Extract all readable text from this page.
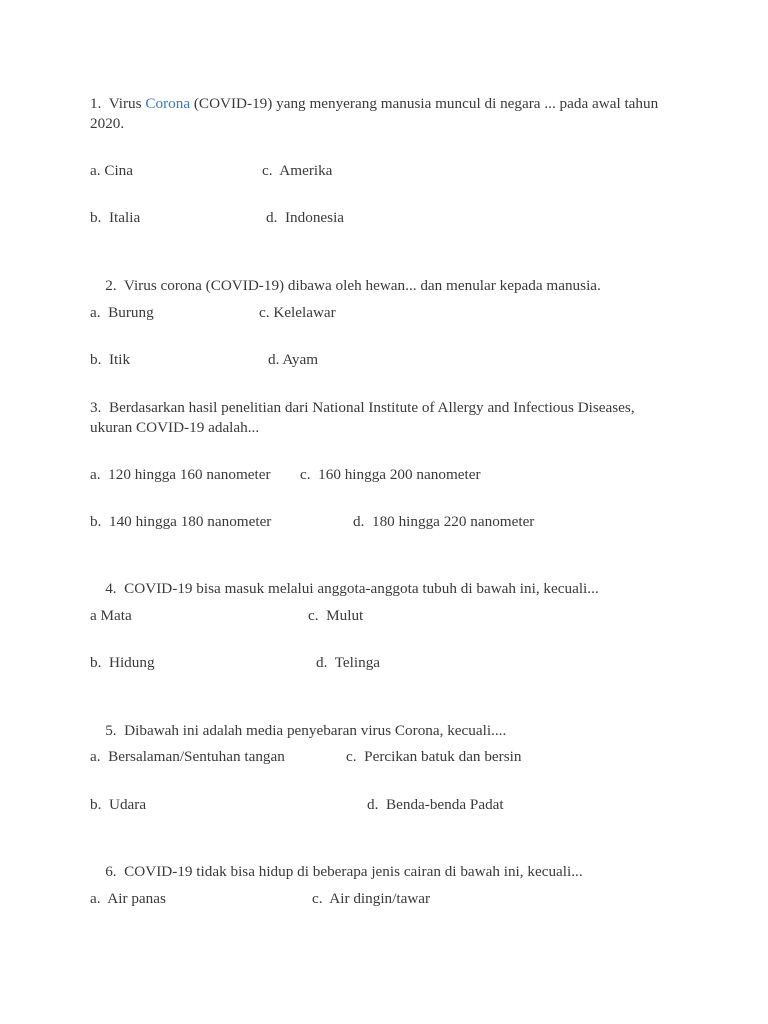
1. Virus Corona (COVID-19) yang menyerang manusia muncul di negara ... pada awal tahun 2020.
a. Cina	c.  Amerika
b.  Italia	d.  Indonesia

2. Virus corona (COVID-19) dibawa oleh hewan... dan menular kepada manusia.

a.  Burung	c. Kelelawar
b.  Itik	d. Ayam
3. Berdasarkan hasil penelitian dari National Institute of Allergy and Infectious Diseases, ukuran COVID-19 adalah...
a.  120 hingga 160 nanometer c.  160 hingga 200 nanometer
b.  140 hingga 180 nanometer	d.  180 hingga 220 nanometer

4. COVID-19 bisa masuk melalui anggota-anggota tubuh di bawah ini, kecuali...

a Mata	c.  Mulut
b.  Hidung	d.  Telinga

5. Dibawah ini adalah media penyebaran virus Corona, kecuali....

a.  Bersalaman/Sentuhan tangan	c.  Percikan batuk dan bersin
b.  Udara	d.  Benda-benda Padat

6. COVID-19 tidak bisa hidup di beberapa jenis cairan di bawah ini, kecuali...

a.  Air panas	c.  Air dingin/tawar
